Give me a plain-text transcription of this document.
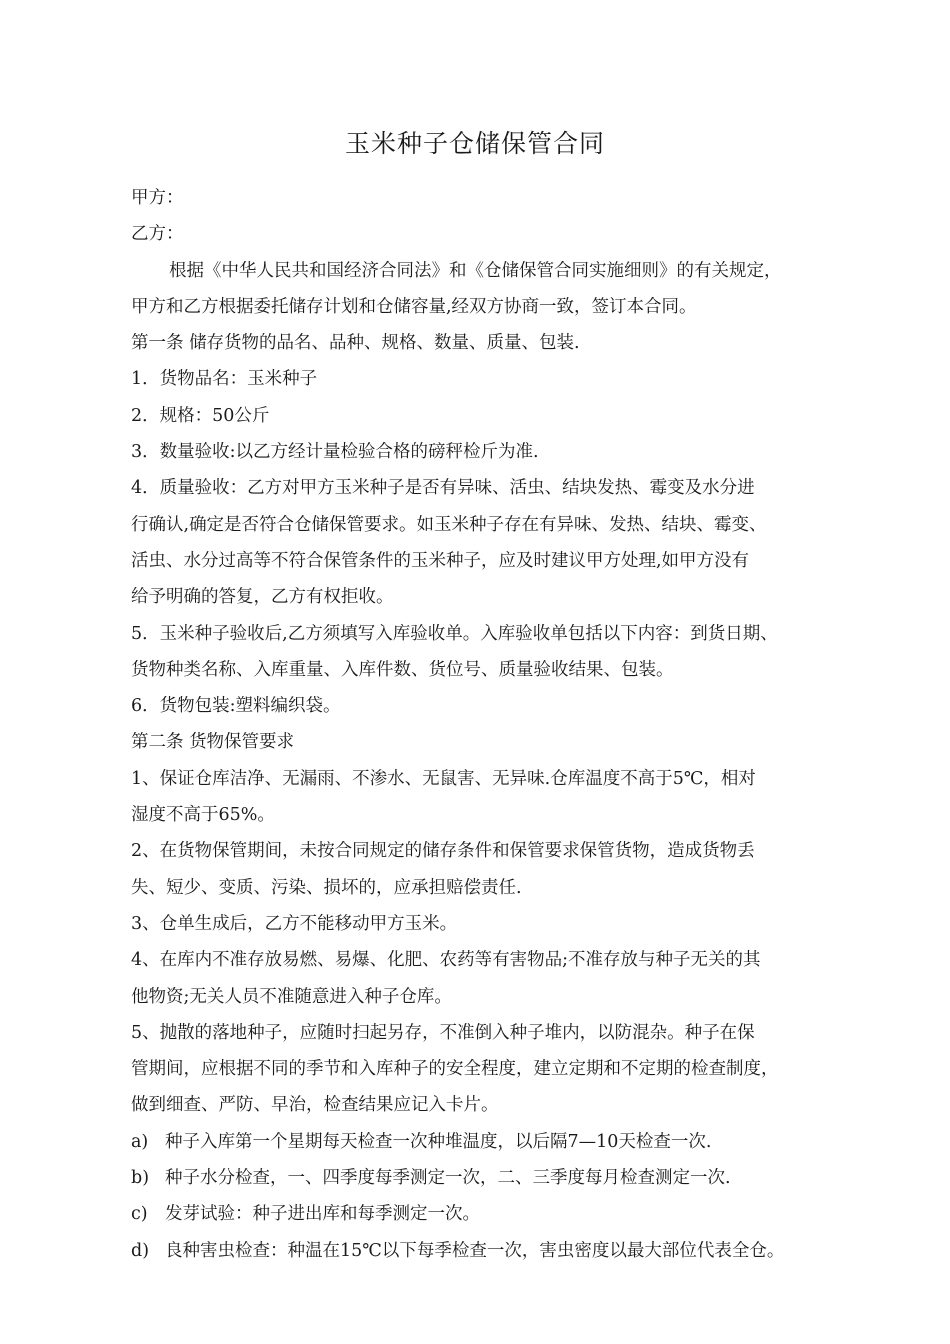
玉米种子仓储保管合同

甲方：

乙方：

根据《中华人民共和国经济合同法》和《仓储保管合同实施细则》的有关规定，

甲方和乙方根据委托储存计划和仓储容量,经双方协商一致，签订本合同。

第一条 储存货物的品名、品种、规格、数量、质量、包装.

1．货物品名：玉米种子

2．规格：50公斤

3．数量验收:以乙方经计量检验合格的磅秤检斤为准.

4．质量验收：乙方对甲方玉米种子是否有异味、活虫、结块发热、霉变及水分进

行确认,确定是否符合仓储保管要求。如玉米种子存在有异味、发热、结块、霉变、

活虫、水分过高等不符合保管条件的玉米种子，应及时建议甲方处理,如甲方没有

给予明确的答复，乙方有权拒收。

5．玉米种子验收后,乙方须填写入库验收单。入库验收单包括以下内容：到货日期、

货物种类名称、入库重量、入库件数、货位号、质量验收结果、包装。

6．货物包装:塑料编织袋。

第二条 货物保管要求

1、保证仓库洁净、无漏雨、不渗水、无鼠害、无异味.仓库温度不高于5℃，相对

湿度不高于65%。

2、在货物保管期间，未按合同规定的储存条件和保管要求保管货物，造成货物丢

失、短少、变质、污染、损坏的，应承担赔偿责任.

3、仓单生成后，乙方不能移动甲方玉米。

4、在库内不准存放易燃、易爆、化肥、农药等有害物品;不准存放与种子无关的其

他物资;无关人员不准随意进入种子仓库。

5、抛散的落地种子，应随时扫起另存，不准倒入种子堆内，以防混杂。种子在保

管期间，应根据不同的季节和入库种子的安全程度，建立定期和不定期的检查制度，

做到细查、严防、早治，检查结果应记入卡片。

a) 种子入库第一个星期每天检查一次种堆温度，以后隔7—10天检查一次.

b) 种子水分检查，一、四季度每季测定一次，二、三季度每月检查测定一次.

c) 发芽试验：种子进出库和每季测定一次。

d) 良种害虫检查：种温在15℃以下每季检查一次，害虫密度以最大部位代表全仓。
